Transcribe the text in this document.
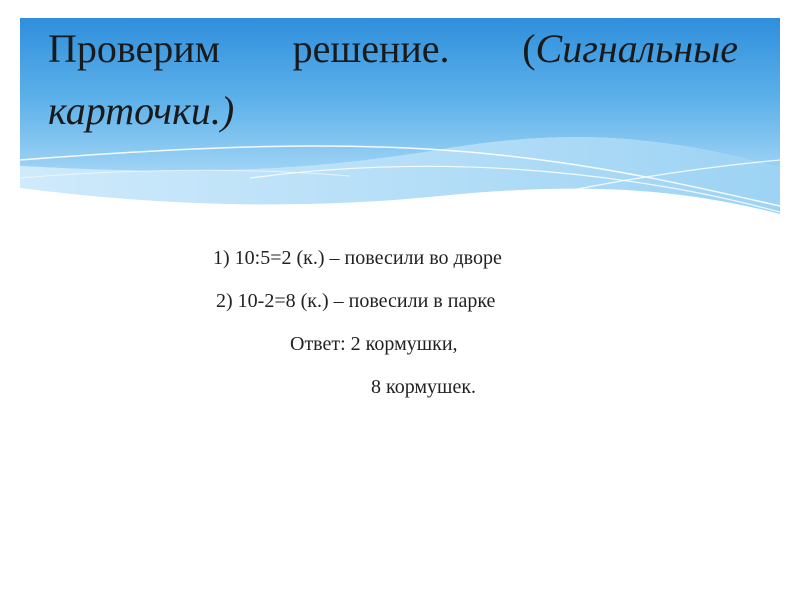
Проверим решение. (Сигнальные
карточки.)
1) 10:5=2 (к.) – повесили во дворе
2) 10-2=8 (к.) – повесили в парке
Ответ: 2 кормушки,
8 кормушек.
